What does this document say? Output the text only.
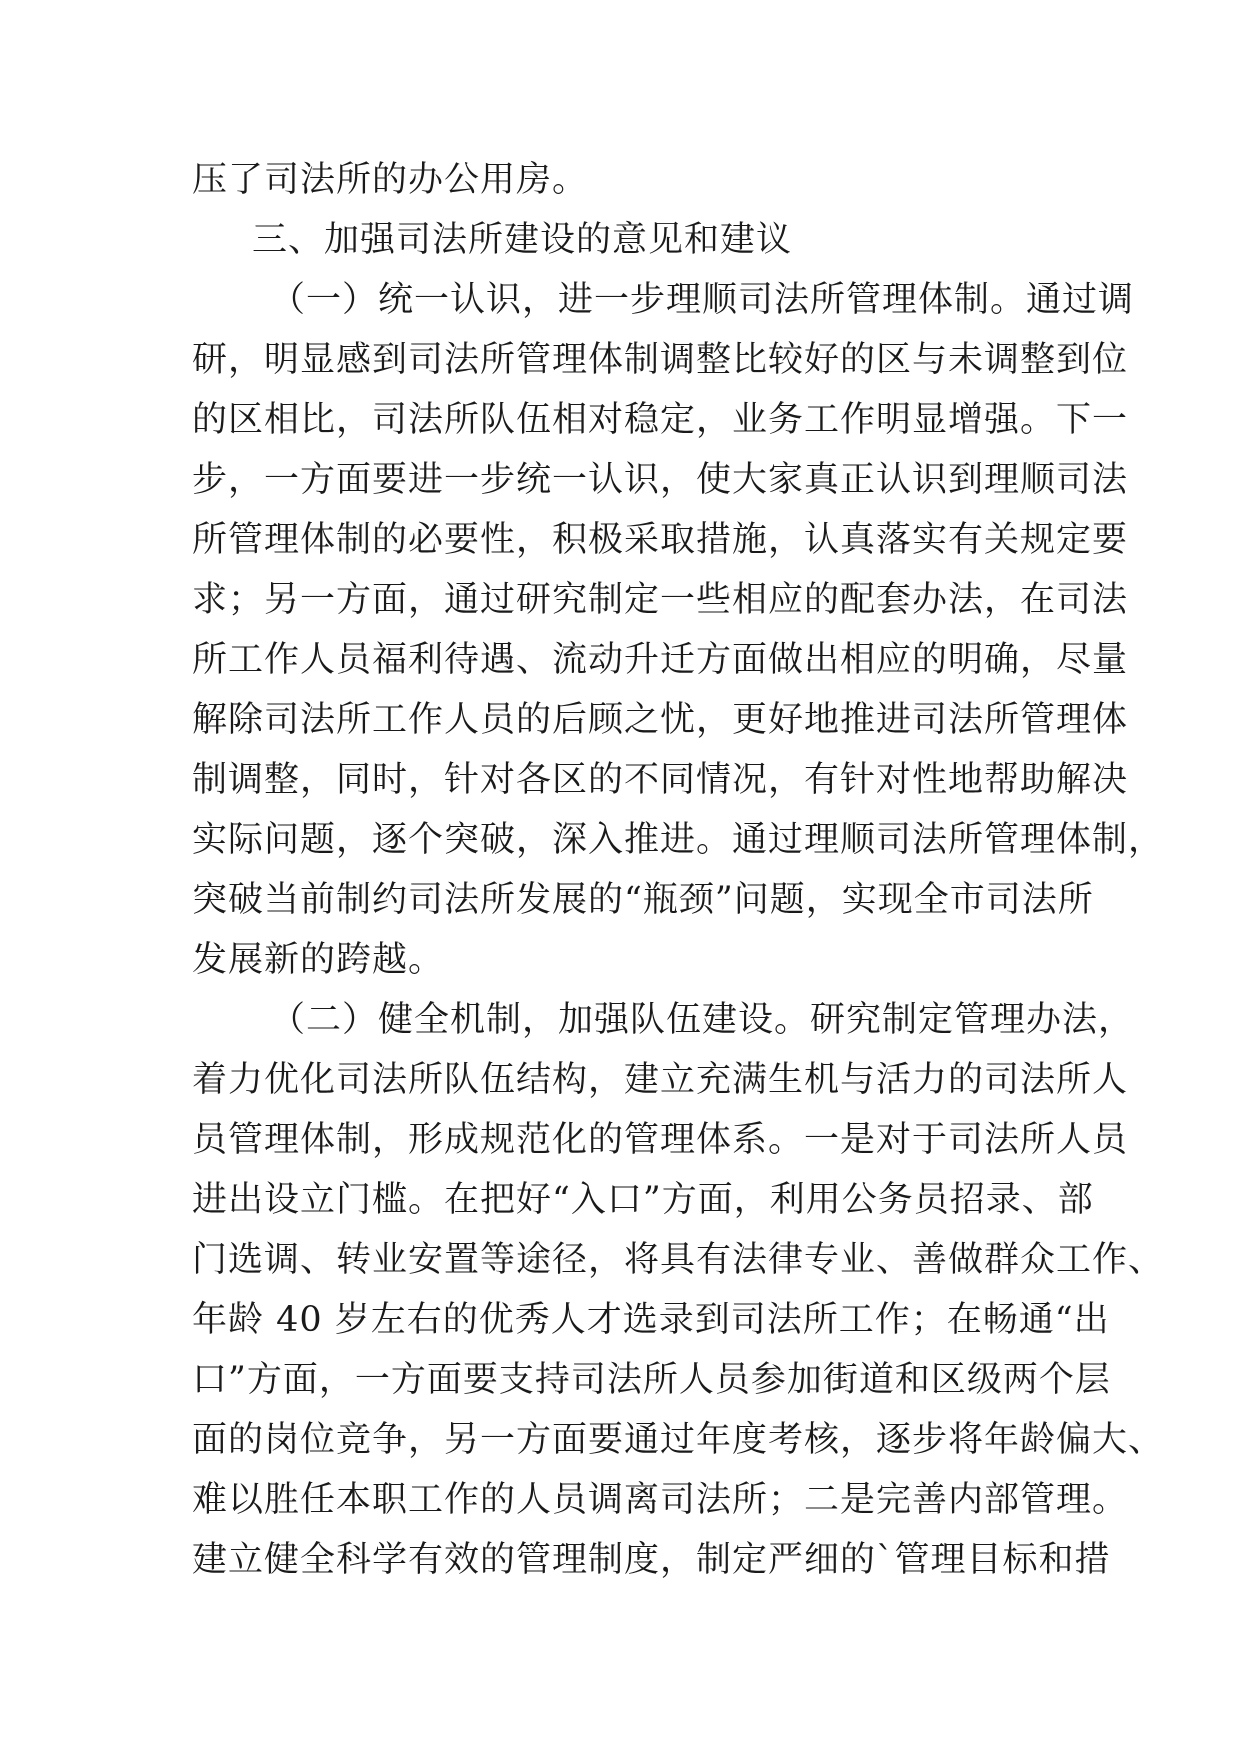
压了司法所的办公用房。
三、加强司法所建设的意见和建议
（一）统一认识，进一步理顺司法所管理体制。通过调
研，明显感到司法所管理体制调整比较好的区与未调整到位
的区相比，司法所队伍相对稳定，业务工作明显增强。下一
步，一方面要进一步统一认识，使大家真正认识到理顺司法
所管理体制的必要性，积极采取措施，认真落实有关规定要
求；另一方面，通过研究制定一些相应的配套办法，在司法
所工作人员福利待遇、流动升迁方面做出相应的明确，尽量
解除司法所工作人员的后顾之忧，更好地推进司法所管理体
制调整，同时，针对各区的不同情况，有针对性地帮助解决
实际问题，逐个突破，深入推进。通过理顺司法所管理体制，
突破当前制约司法所发展的“瓶颈”问题，实现全市司法所
发展新的跨越。
（二）健全机制，加强队伍建设。研究制定管理办法，
着力优化司法所队伍结构，建立充满生机与活力的司法所人
员管理体制，形成规范化的管理体系。一是对于司法所人员
进出设立门槛。在把好“入口”方面，利用公务员招录、部
门选调、转业安置等途径，将具有法律专业、善做群众工作、
年龄 40 岁左右的优秀人才选录到司法所工作；在畅通“出
口”方面，一方面要支持司法所人员参加街道和区级两个层
面的岗位竞争，另一方面要通过年度考核，逐步将年龄偏大、
难以胜任本职工作的人员调离司法所；二是完善内部管理。
建立健全科学有效的管理制度，制定严细的`管理目标和措
